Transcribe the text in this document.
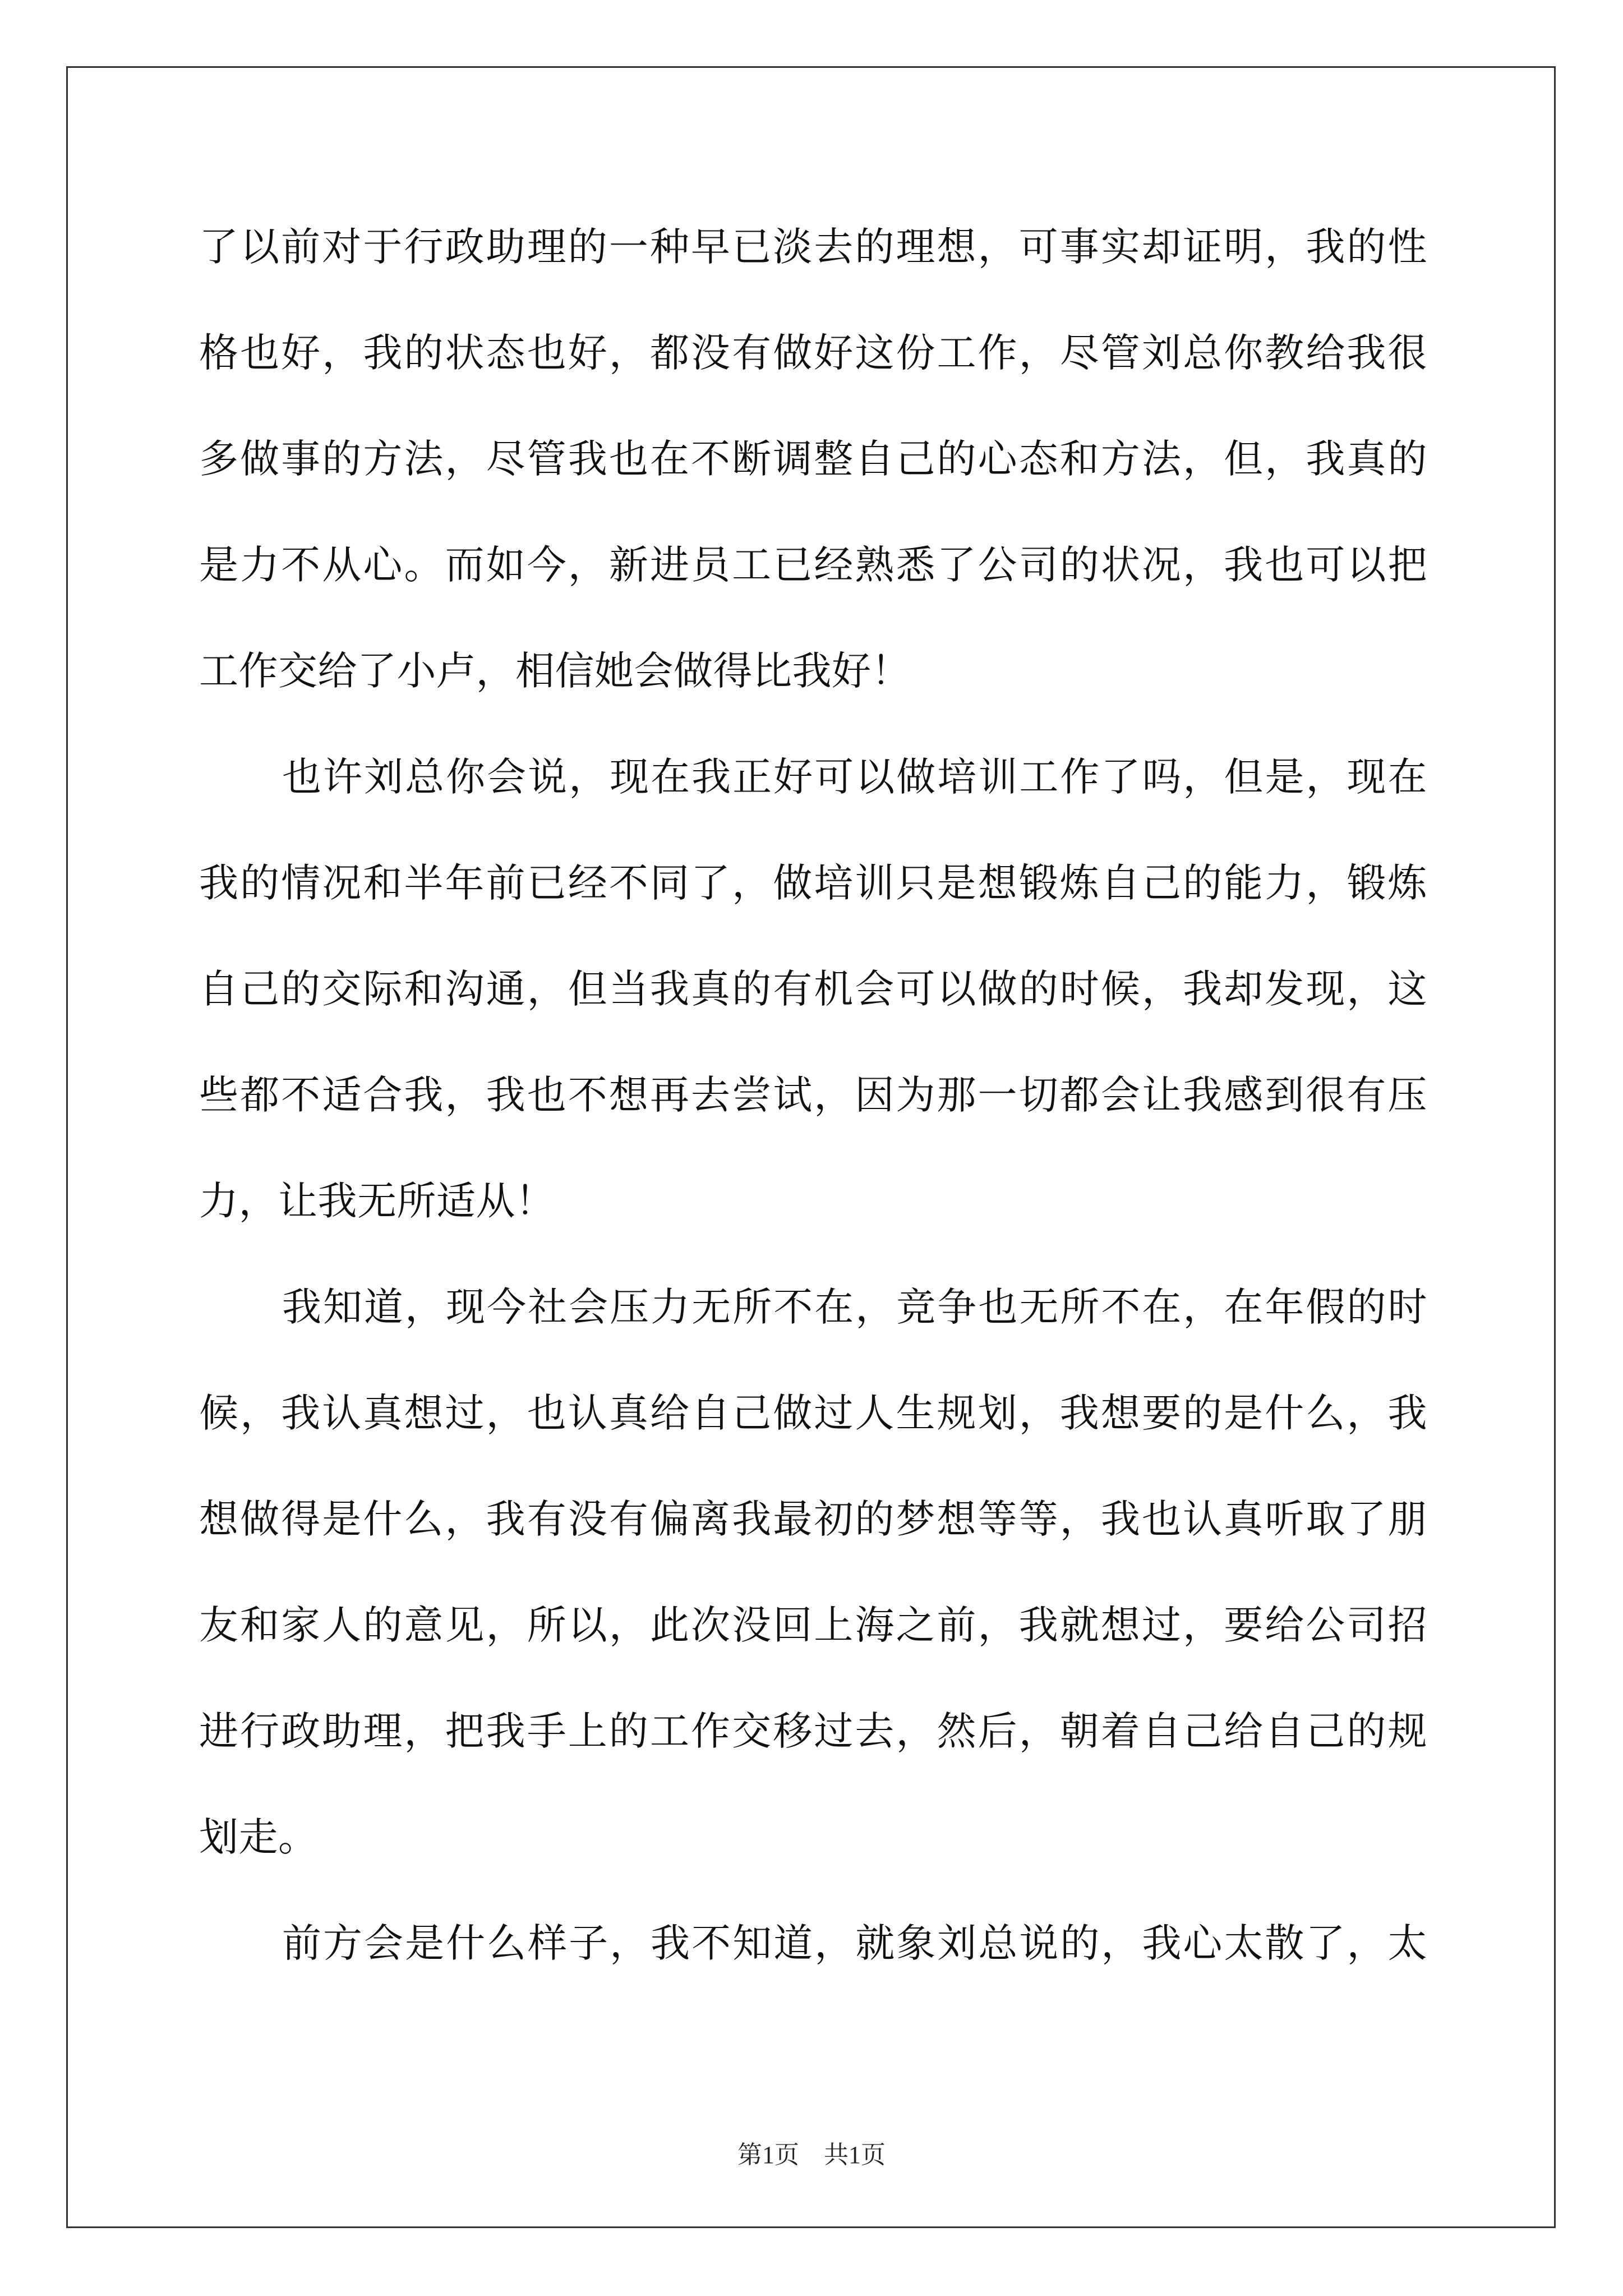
了以前对于行政助理的一种早已淡去的理想，可事实却证明，我的性
格也好，我的状态也好，都没有做好这份工作，尽管刘总你教给我很
多做事的方法，尽管我也在不断调整自己的心态和方法，但，我真的
是力不从心。而如今，新进员工已经熟悉了公司的状况，我也可以把
工作交给了小卢，相信她会做得比我好！
也许刘总你会说，现在我正好可以做培训工作了吗，但是，现在
我的情况和半年前已经不同了，做培训只是想锻炼自己的能力，锻炼
自己的交际和沟通，但当我真的有机会可以做的时候，我却发现，这
些都不适合我，我也不想再去尝试，因为那一切都会让我感到很有压
力，让我无所适从！
我知道，现今社会压力无所不在，竞争也无所不在，在年假的时
候，我认真想过，也认真给自己做过人生规划，我想要的是什么，我
想做得是什么，我有没有偏离我最初的梦想等等，我也认真听取了朋
友和家人的意见，所以，此次没回上海之前，我就想过，要给公司招
进行政助理，把我手上的工作交移过去，然后，朝着自己给自己的规
划走。
前方会是什么样子，我不知道，就象刘总说的，我心太散了，太
第1页 共1页
